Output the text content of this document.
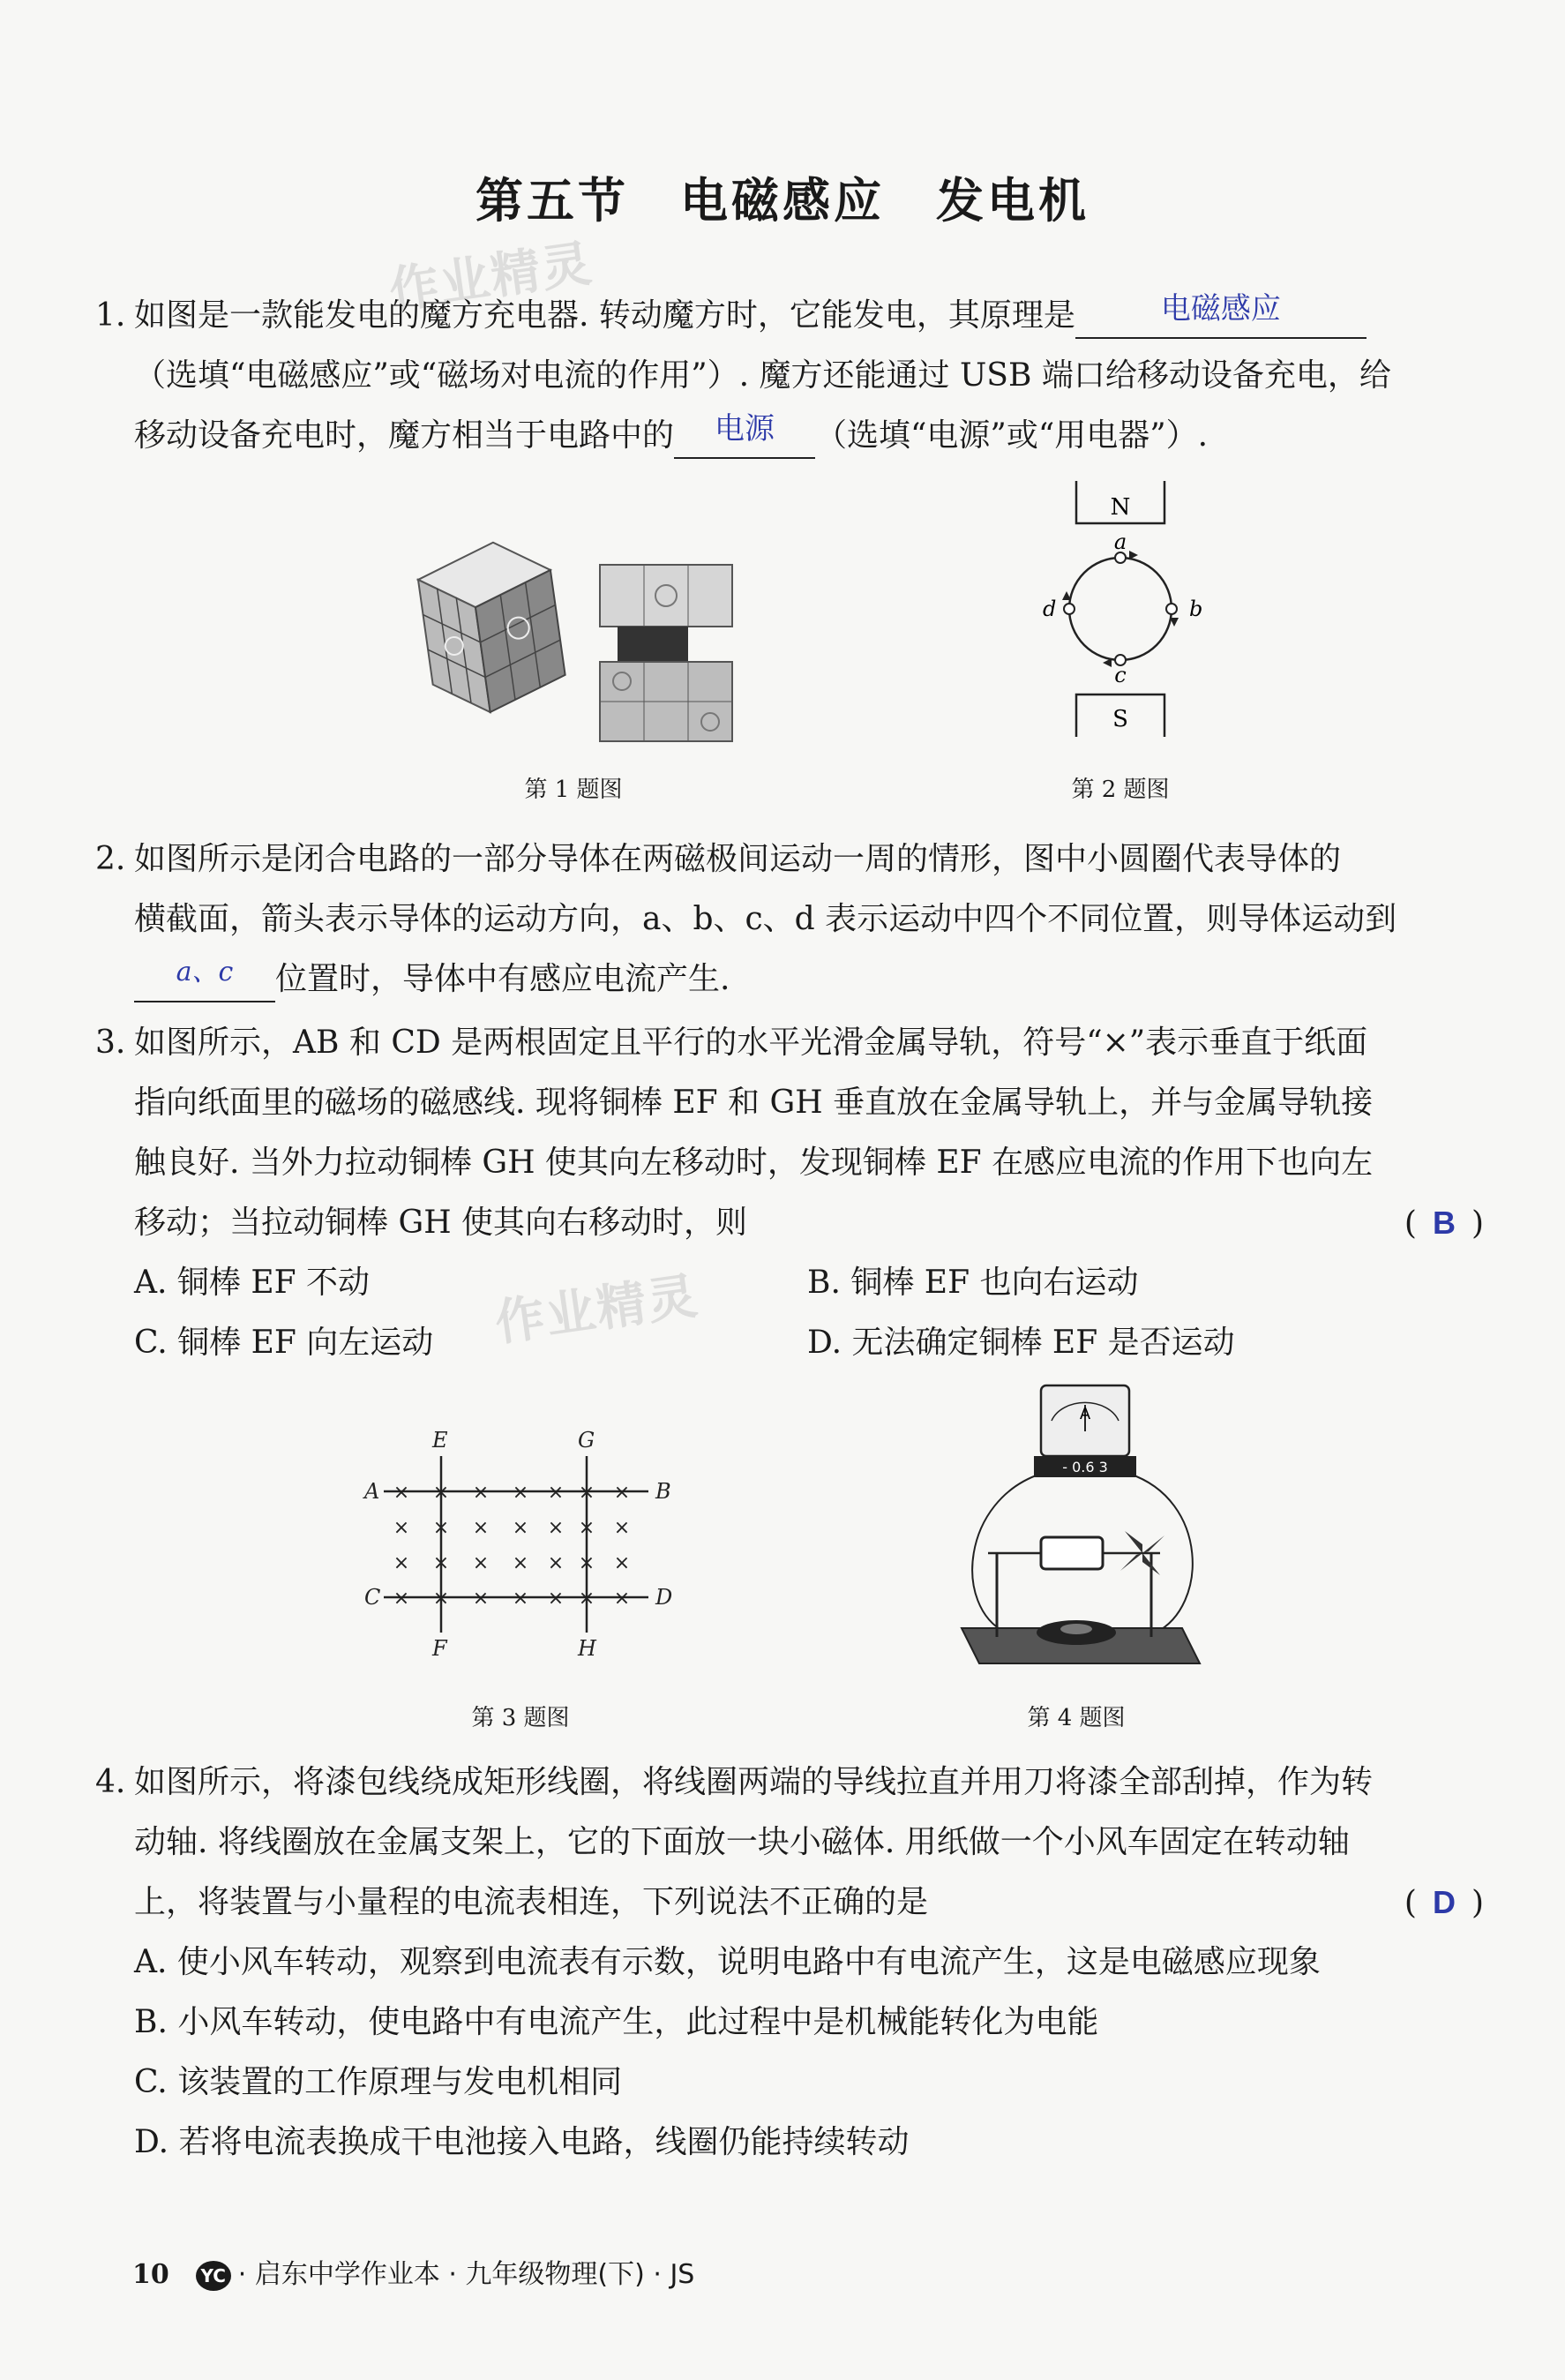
第五节　电磁感应　发电机
作业精灵
1. 如图是一款能发电的魔方充电器. 转动魔方时，它能发电，其原理是	电磁感应

（选填“电磁感应”或“磁场对电流的作用”）. 魔方还能通过 USB 端口给移动设备充电，给
移动设备充电时，魔方相当于电路中的	电源	（选填“电源”或“用电器”）.
第 1 题图
N
S
a
b
c
d
第 2 题图
2. 如图所示是闭合电路的一部分导体在两磁极间运动一周的情形，图中小圆圈代表导体的
横截面，箭头表示导体的运动方向，a、b、c、d 表示运动中四个不同位置，则导体运动到
a、c	位置时，导体中有感应电流产生.
3. 如图所示，AB 和 CD 是两根固定且平行的水平光滑金属导轨，符号“×”表示垂直于纸面
指向纸面里的磁场的磁感线. 现将铜棒 EF 和 GH 垂直放在金属导轨上，并与金属导轨接
触良好. 当外力拉动铜棒 GH 使其向左移动时，发现铜棒 EF 在感应电流的作用下也向左
移动；当拉动铜棒 GH 使其向右移动时，则	( B )
A. 铜棒 EF 不动	B. 铜棒 EF 也向右运动
C. 铜棒 EF 向左运动	D. 无法确定铜棒 EF 是否运动
作业精灵
× × × × × × ×
× × × × × × ×
× × × × × × ×
× × × × × × ×
A	B
C	D
E
F
G
H
第 3 题图
A
- 0.6 3
第 4 题图
4. 如图所示，将漆包线绕成矩形线圈，将线圈两端的导线拉直并用刀将漆全部刮掉，作为转
动轴. 将线圈放在金属支架上，它的下面放一块小磁体. 用纸做一个小风车固定在转动轴
上，将装置与小量程的电流表相连，下列说法不正确的是	( D )
A. 使小风车转动，观察到电流表有示数，说明电路中有电流产生，这是电磁感应现象
B. 小风车转动，使电路中有电流产生，此过程中是机械能转化为电能
C. 该装置的工作原理与发电机相同
D. 若将电流表换成干电池接入电路，线圈仍能持续转动
10 YC · 启东中学作业本 · 九年级物理(下) · JS
